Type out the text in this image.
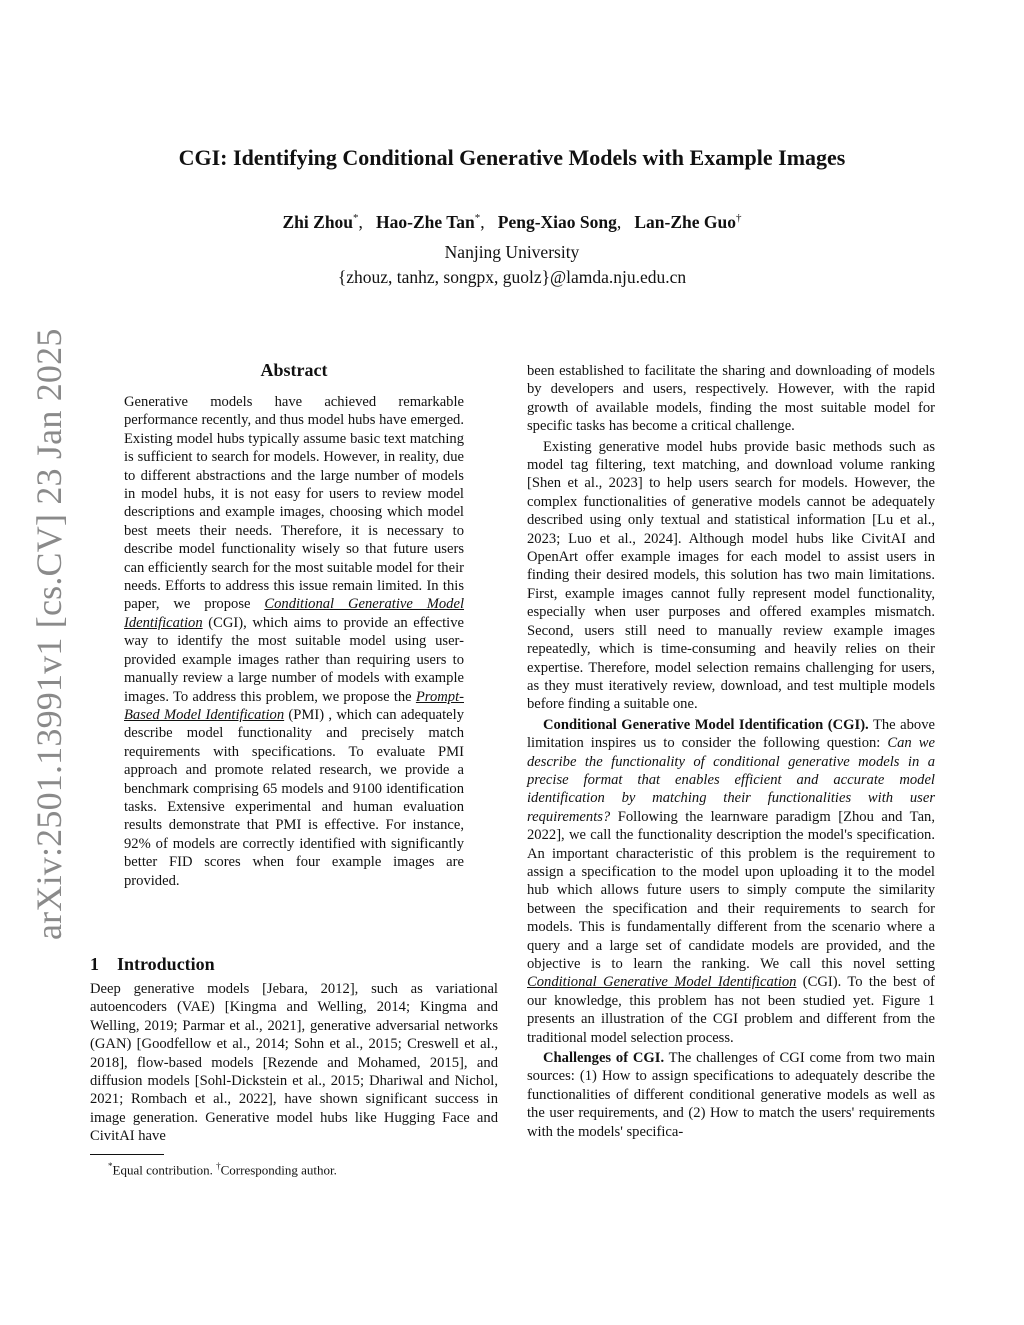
arXiv:2501.13991v1 [cs.CV] 23 Jan 2025
CGI: Identifying Conditional Generative Models with Example Images
Zhi Zhou*,   Hao-Zhe Tan*,   Peng-Xiao Song,   Lan-Zhe Guo†
Nanjing University
{zhouz, tanhz, songpx, guolz}@lamda.nju.edu.cn
Abstract
Generative models have achieved remarkable performance recently, and thus model hubs have emerged. Existing model hubs typically assume basic text matching is sufficient to search for models. However, in reality, due to different abstractions and the large number of models in model hubs, it is not easy for users to review model descriptions and example images, choosing which model best meets their needs. Therefore, it is necessary to describe model functionality wisely so that future users can efficiently search for the most suitable model for their needs. Efforts to address this issue remain limited. In this paper, we propose Conditional Generative Model Identification (CGI), which aims to provide an effective way to identify the most suitable model using user-provided example images rather than requiring users to manually review a large number of models with example images. To address this problem, we propose the Prompt-Based Model Identification (PMI) , which can adequately describe model functionality and precisely match requirements with specifications. To evaluate PMI approach and promote related research, we provide a benchmark comprising 65 models and 9100 identification tasks. Extensive experimental and human evaluation results demonstrate that PMI is effective. For instance, 92% of models are correctly identified with significantly better FID scores when four example images are provided.
1 Introduction
Deep generative models [Jebara, 2012], such as variational autoencoders (VAE) [Kingma and Welling, 2014; Kingma and Welling, 2019; Parmar et al., 2021], generative adversarial networks (GAN) [Goodfellow et al., 2014; Sohn et al., 2015; Creswell et al., 2018], flow-based models [Rezende and Mohamed, 2015], and diffusion models [Sohl-Dickstein et al., 2015; Dhariwal and Nichol, 2021; Rombach et al., 2022], have shown significant success in image generation. Generative model hubs like Hugging Face and CivitAI have
*Equal contribution. †Corresponding author.

been established to facilitate the sharing and downloading of models by developers and users, respectively. However, with the rapid growth of available models, finding the most suitable model for specific tasks has become a critical challenge.

Existing generative model hubs provide basic methods such as model tag filtering, text matching, and download volume ranking [Shen et al., 2023] to help users search for models. However, the complex functionalities of generative models cannot be adequately described using only textual and statistical information [Lu et al., 2023; Luo et al., 2024]. Although model hubs like CivitAI and OpenArt offer example images for each model to assist users in finding their desired models, this solution has two main limitations. First, example images cannot fully represent model functionality, especially when user purposes and offered examples mismatch. Second, users still need to manually review example images repeatedly, which is time-consuming and heavily relies on their expertise. Therefore, model selection remains challenging for users, as they must iteratively review, download, and test multiple models before finding a suitable one.

Conditional Generative Model Identification (CGI). The above limitation inspires us to consider the following question: Can we describe the functionality of conditional generative models in a precise format that enables efficient and accurate model identification by matching their functionalities with user requirements? Following the learnware paradigm [Zhou and Tan, 2022], we call the functionality description the model's specification. An important characteristic of this problem is the requirement to assign a specification to the model upon uploading it to the model hub which allows future users to simply compute the similarity between the specification and their requirements to search for models. This is fundamentally different from the scenario where a query and a large set of candidate models are provided, and the objective is to learn the ranking. We call this novel setting Conditional Generative Model Identification (CGI). To the best of our knowledge, this problem has not been studied yet. Figure 1 presents an illustration of the CGI problem and different from the traditional model selection process.

Challenges of CGI. The challenges of CGI come from two main sources: (1) How to assign specifications to adequately describe the functionalities of different conditional generative models as well as the user requirements, and (2) How to match the users' requirements with the models' specifica-
